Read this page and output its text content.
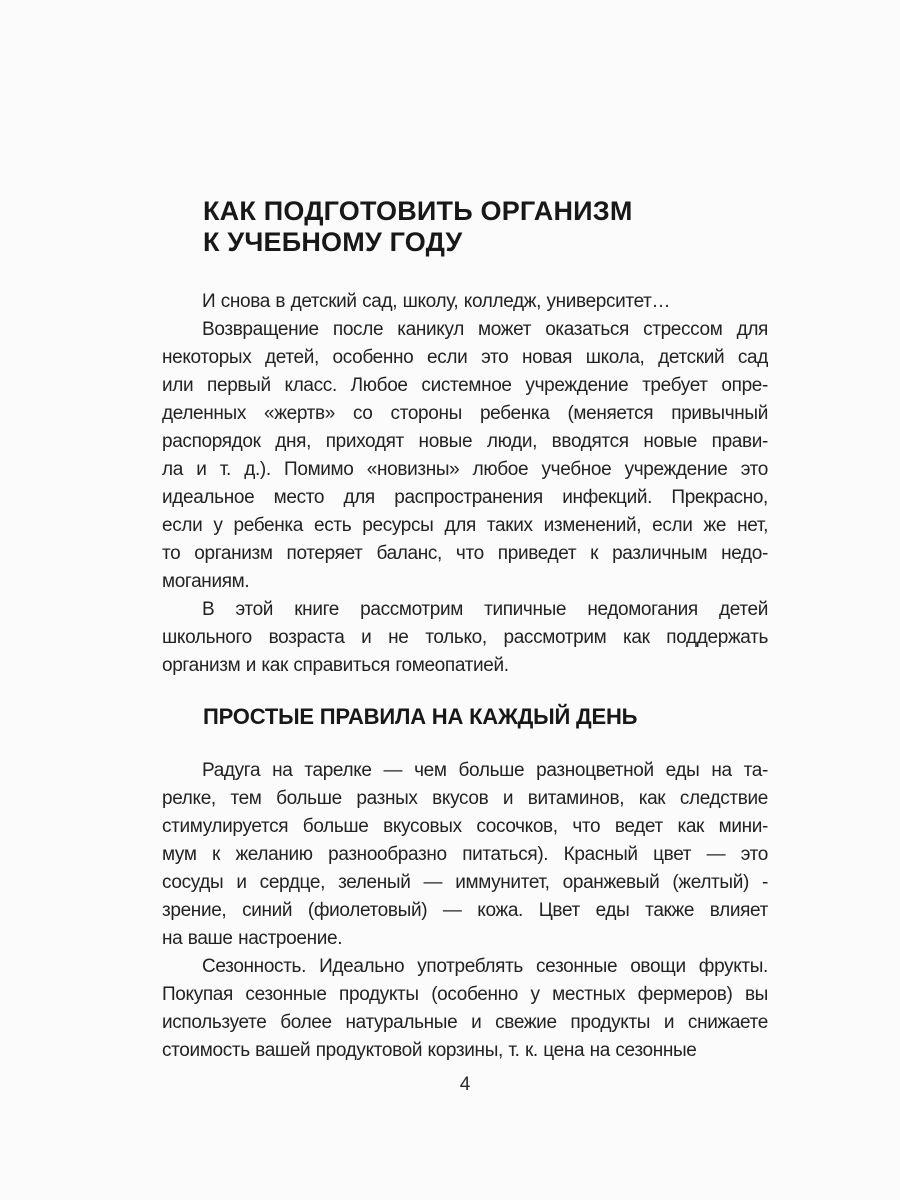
КАК ПОДГОТОВИТЬ ОРГАНИЗМ
К УЧЕБНОМУ ГОДУ

И снова в детский сад, школу, колледж, университет…

Возвращение после каникул может оказаться стрессом для
некоторых детей, особенно если это новая школа, детский сад
или первый класс. Любое системное учреждение требует опре-
деленных «жертв» со стороны ребенка (меняется привычный
распорядок дня, приходят новые люди, вводятся новые прави-
ла и т. д.). Помимо «новизны» любое учебное учреждение это
идеальное место для распространения инфекций. Прекрасно,
если у ребенка есть ресурсы для таких изменений, если же нет,
то организм потеряет баланс, что приведет к различным недо-
моганиям.

В этой книге рассмотрим типичные недомогания детей
школьного возраста и не только, рассмотрим как поддержать
организм и как справиться гомеопатией.

ПРОСТЫЕ ПРАВИЛА НА КАЖДЫЙ ДЕНЬ

Радуга на тарелке — чем больше разноцветной еды на та-
релке, тем больше разных вкусов и витаминов, как следствие
стимулируется больше вкусовых сосочков, что ведет как мини-
мум к желанию разнообразно питаться). Красный цвет — это
сосуды и сердце, зеленый — иммунитет, оранжевый (желтый) -
зрение, синий (фиолетовый) — кожа. Цвет еды также влияет
на ваше настроение.

Сезонность. Идеально употреблять сезонные овощи фрукты.
Покупая сезонные продукты (особенно у местных фермеров) вы
используете более натуральные и свежие продукты и снижаете
стоимость вашей продуктовой корзины, т. к. цена на сезонные

4
